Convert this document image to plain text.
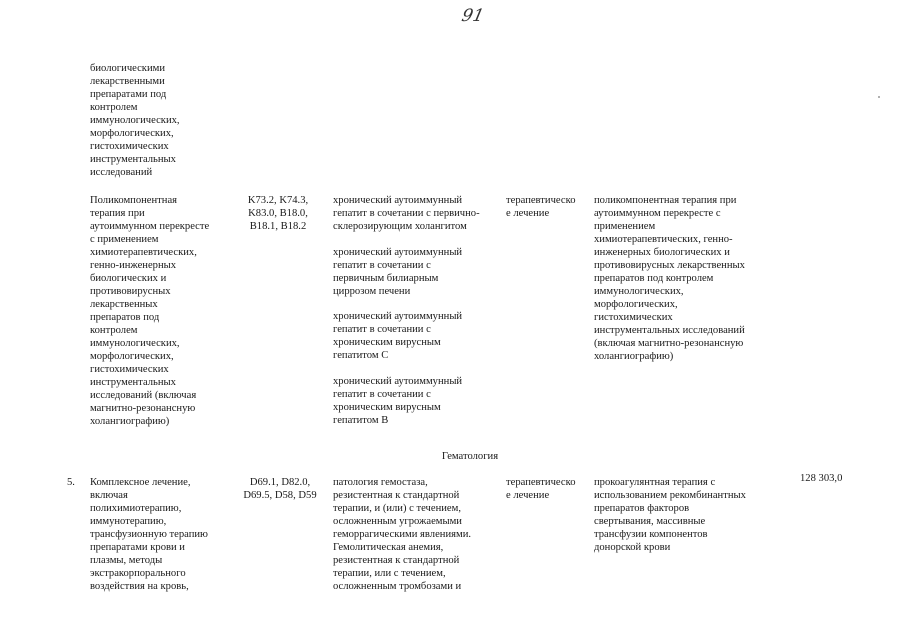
91

биологическими
лекарственными
препаратами под
контролем
иммунологических,
морфологических,
гистохимических
инструментальных
исследований

Поликомпонентная
терапия при
аутоиммунном перекресте
с применением
химиотерапевтических,
генно-инженерных
биологических и
противовирусных
лекарственных
препаратов под
контролем
иммунологических,
морфологических,
гистохимических
инструментальных
исследований (включая
магнитно-резонансную
холангиографию)

K73.2, K74.3,
K83.0, B18.0,
B18.1, B18.2

хронический аутоиммунный
гепатит в сочетании с первично-
склерозирующим холангитом

хронический аутоиммунный
гепатит в сочетании с
первичным билиарным
циррозом печени

хронический аутоиммунный
гепатит в сочетании с
хроническим вирусным
гепатитом C

хронический аутоиммунный
гепатит в сочетании с
хроническим вирусным
гепатитом B

терапевтическо
е лечение

поликомпонентная терапия при
аутоиммунном перекресте с
применением
химиотерапевтических, генно-
инженерных биологических и
противовирусных лекарственных
препаратов под контролем
иммунологических,
морфологических,
гистохимических
инструментальных исследований
(включая магнитно-резонансную
холангиографию)

Гематология

5. Комплексное лечение,
включая
полихимиотерапию,
иммунотерапию,
трансфузионную терапию
препаратами крови и
плазмы, методы
экстракорпорального
воздействия на кровь,

D69.1, D82.0,
D69.5, D58, D59

патология гемостаза,
резистентная к стандартной
терапии, и (или) с течением,
осложненным угрожаемыми
геморрагическими явлениями.
Гемолитическая анемия,
резистентная к стандартной
терапии, или с течением,
осложненным тромбозами и

терапевтическо
е лечение

прокоагулянтная терапия с
использованием рекомбинантных
препаратов факторов
свертывания, массивные
трансфузии компонентов
донорской крови

128 303,0
